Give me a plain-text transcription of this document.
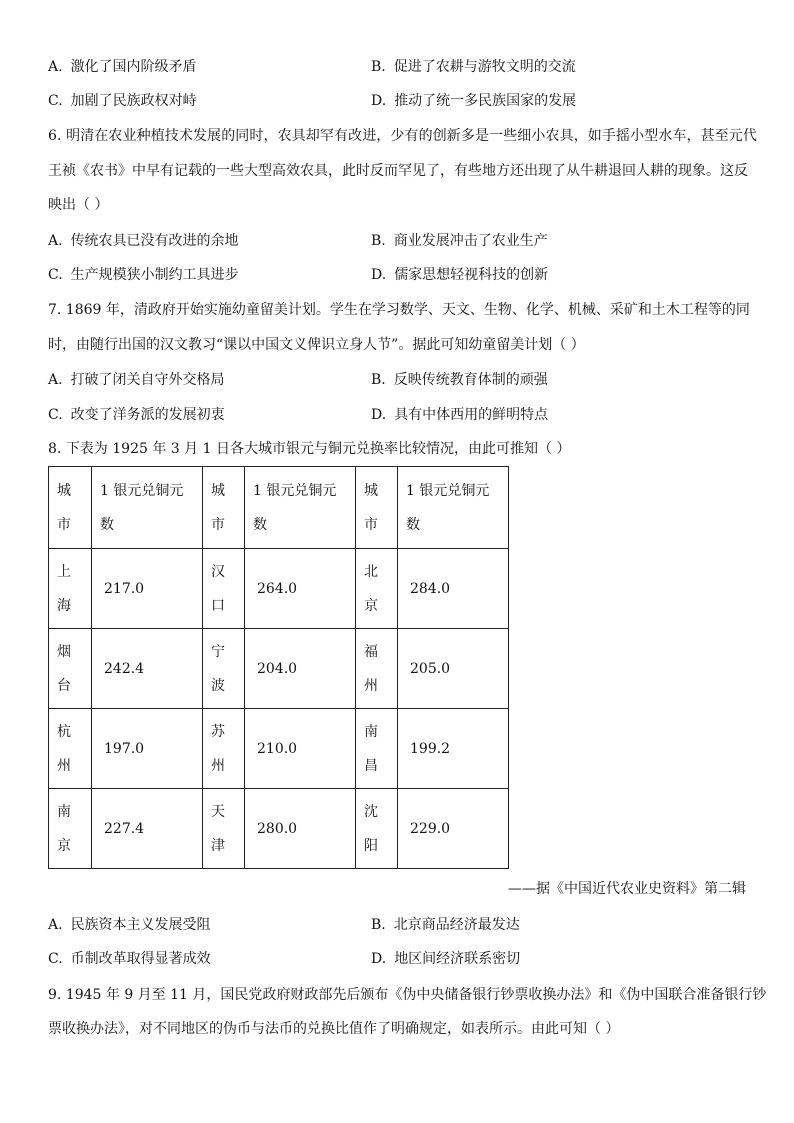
A. 激化了国内阶级矛盾	B. 促进了农耕与游牧文明的交流
C. 加剧了民族政权对峙	D. 推动了统一多民族国家的发展
6. 明清在农业种植技术发展的同时，农具却罕有改进，少有的创新多是一些细小农具，如手摇小型水车，甚至元代
王祯《农书》中早有记载的一些大型高效农具，此时反而罕见了，有些地方还出现了从牛耕退回人耕的现象。这反
映出（ ）
A. 传统农具已没有改进的余地	B. 商业发展冲击了农业生产
C. 生产规模狭小制约工具进步	D. 儒家思想轻视科技的创新
7. 1869 年，清政府开始实施幼童留美计划。学生在学习数学、天文、生物、化学、机械、采矿和土木工程等的同
时，由随行出国的汉文教习“课以中国文义俾识立身人节”。据此可知幼童留美计划（ ）
A. 打破了闭关自守外交格局	B. 反映传统教育体制的顽强
C. 改变了洋务派的发展初衷	D. 具有中体西用的鲜明特点
8. 下表为 1925 年 3 月 1 日各大城市银元与铜元兑换率比较情况，由此可推知（ ）
城
市	1 银元兑铜元
数	城
市	1 银元兑铜元
数	城
市	1 银元兑铜元
数

上
海	217.0	汉
口	264.0	北
京	284.0

烟
台	242.4	宁
波	204.0	福
州	205.0

杭
州	197.0	苏
州	210.0	南
昌	199.2

南
京	227.4	天
津	280.0	沈
阳	229.0
——据《中国近代农业史资料》第二辑
A. 民族资本主义发展受阻	B. 北京商品经济最发达
C. 币制改革取得显著成效	D. 地区间经济联系密切
9. 1945 年 9 月至 11 月，国民党政府财政部先后颁布《伪中央储备银行钞票收换办法》和《伪中国联合准备银行钞
票收换办法》，对不同地区的伪币与法币的兑换比值作了明确规定，如表所示。由此可知（ ）
